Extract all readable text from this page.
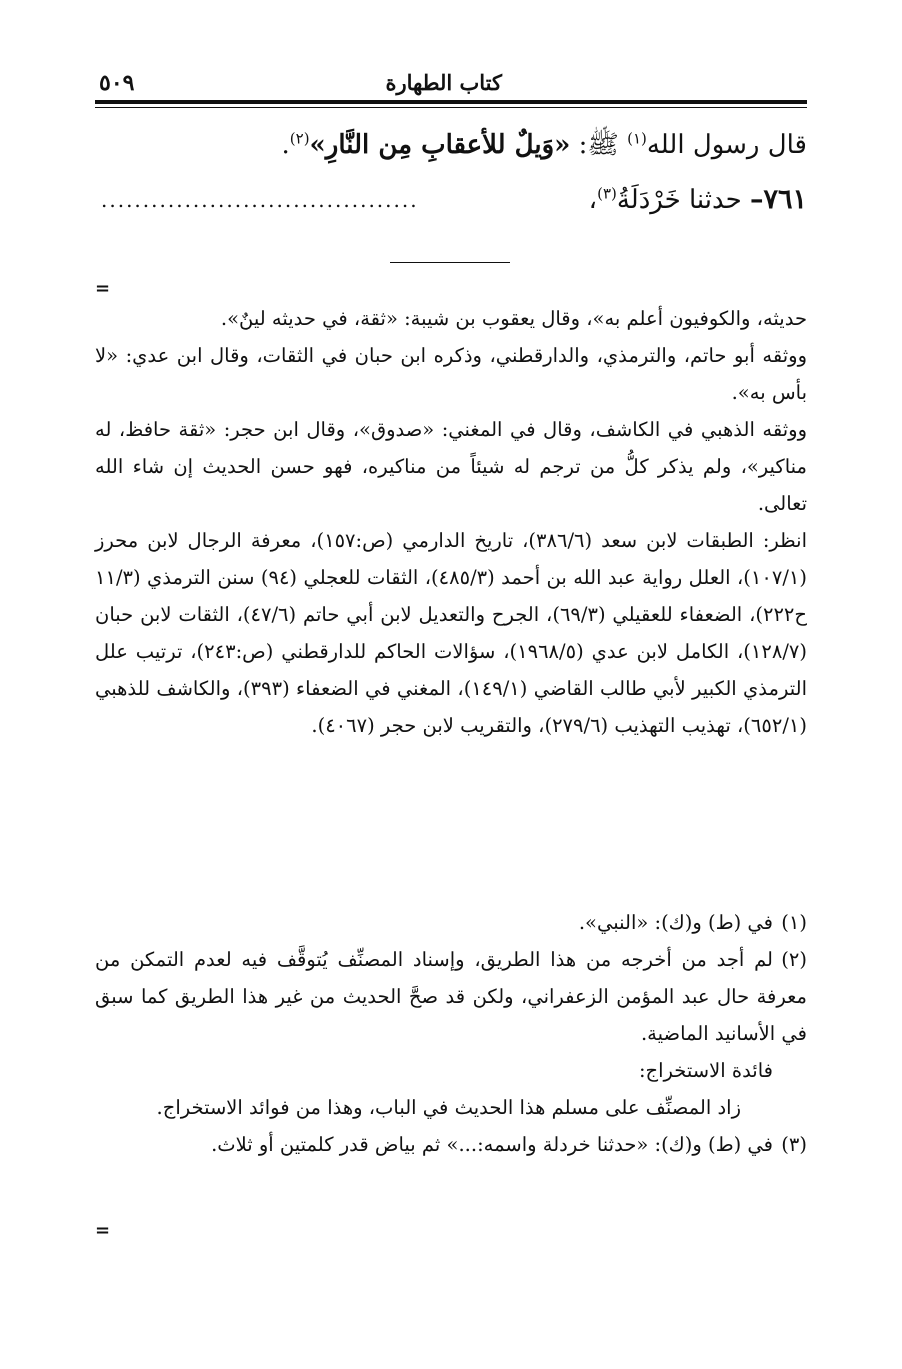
كتاب الطهارة
٥٠٩
قال رسول الله$^{(١)}$ ﷺ: «وَيلٌ للأعقابِ مِن النَّارِ»$^{(٢)}$.
٧٦١– حدثنا خَرْدَلَةُ$^{(٣)}$،
......................................
=

حديثه، والكوفيون أعلم به»، وقال يعقوب بن شيبة: «ثقة، في حديثه لينٌ».

ووثقه أبو حاتم، والترمذي، والدارقطني، وذكره ابن حبان في الثقات، وقال ابن عدي: «لا بأس به».

ووثقه الذهبي في الكاشف، وقال في المغني: «صدوق»، وقال ابن حجر: «ثقة حافظ، له مناكير»، ولم يذكر كلُّ من ترجم له شيئاً من مناكيره، فهو حسن الحديث إن شاء الله تعالى.

انظر: الطبقات لابن سعد (٣٨٦/٦)، تاريخ الدارمي (ص:١٥٧)، معرفة الرجال لابن محرز (١٠٧/١)، العلل رواية عبد الله بن أحمد (٤٨٥/٣)، الثقات للعجلي (٩٤) سنن الترمذي (١١/٣ ح٢٢٢)، الضعفاء للعقيلي (٦٩/٣)، الجرح والتعديل لابن أبي حاتم (٤٧/٦)، الثقات لابن حبان (١٢٨/٧)، الكامل لابن عدي (١٩٦٨/٥)، سؤالات الحاكم للدارقطني (ص:٢٤٣)، ترتيب علل الترمذي الكبير لأبي طالب القاضي (١٤٩/١)، المغني في الضعفاء (٣٩٣)، والكاشف للذهبي (٦٥٢/١)، تهذيب التهذيب (٢٧٩/٦)، والتقريب لابن حجر (٤٠٦٧).

(١)في (ط) و(ك): «النبي».

(٢)لم أجد من أخرجه من هذا الطريق، وإسناد المصنِّف يُتوقَّف فيه لعدم التمكن من معرفة حال عبد المؤمن الزعفراني، ولكن قد صحَّ الحديث من غير هذا الطريق كما سبق في الأسانيد الماضية.

فائدة الاستخراج:

زاد المصنِّف على مسلم هذا الحديث في الباب، وهذا من فوائد الاستخراج.

(٣)في (ط) و(ك): «حدثنا خردلة واسمه:...» ثم بياض قدر كلمتين أو ثلاث.

=
